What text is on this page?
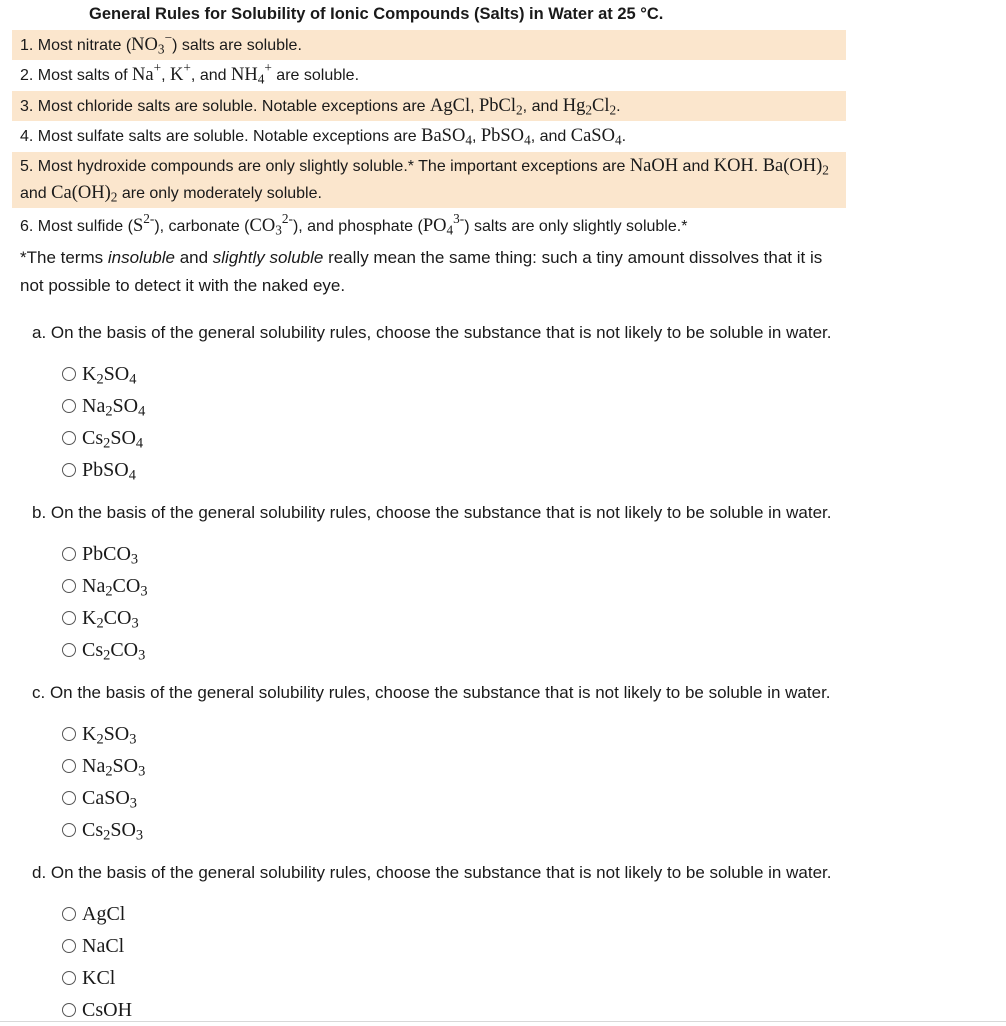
General Rules for Solubility of Ionic Compounds (Salts) in Water at 25 °C.
1. Most nitrate $(NO_3^-)$ salts are soluble.
2. Most salts of Na+, K+, and $NH_4^+$ are soluble.
3. Most chloride salts are soluble. Notable exceptions are AgCl, PbCl$_2$, and $Hg_2Cl_2$.
4. Most sulfate salts are soluble. Notable exceptions are BaSO$_4$, PbSO$_4$, and CaSO$_4$.
5. Most hydroxide compounds are only slightly soluble.* The important exceptions are NaOH and KOH. $Ba(OH)_2$ and $Ca(OH)_2$ are only moderately soluble.
6. Most sulfide $(S^{2-})$, carbonate $(CO_3^{2-})$, and phosphate $(PO_4^{3-})$ salts are only slightly soluble.*
*The terms insoluble and slightly soluble really mean the same thing: such a tiny amount dissolves that it is not possible to detect it with the naked eye.
a. On the basis of the general solubility rules, choose the substance that is not likely to be soluble in water.
$K_2SO_4$
$Na_2SO_4$
$Cs_2SO_4$
PbSO$_4$
b. On the basis of the general solubility rules, choose the substance that is not likely to be soluble in water.
PbCO$_3$
$Na_2CO_3$
$K_2CO_3$
$Cs_2CO_3$
c. On the basis of the general solubility rules, choose the substance that is not likely to be soluble in water.
$K_2SO_3$
$Na_2SO_3$
CaSO$_3$
$Cs_2SO_3$
d. On the basis of the general solubility rules, choose the substance that is not likely to be soluble in water.
AgCl
NaCl
KCl
CsOH
